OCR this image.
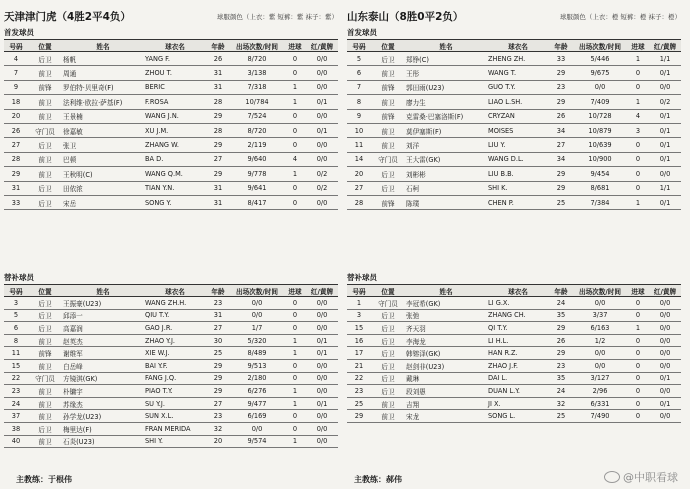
天津津门虎（4胜2平4负）	球服颜色（上衣：紫 短裤：紫 袜子：紫）
首发球员
号码	位置	姓名	球衣名	年龄	出场次数/时间	进球	红/黄牌
4	后卫	杨帆	YANG F.	26	8/720	0	0/0
7	前卫	周通	ZHOU T.	31	3/138	0	0/0
9	前锋	罗伯特·贝里奇(F)	BERIC	31	7/318	1	0/0
18	前卫	法利维·欧拉·萨基(F)	F.ROSA	28	10/784	1	0/1
20	前卫	王景楠	WANG J.N.	29	7/524	0	0/0
26	守门员	徐嘉敏	XU J.M.	28	8/720	0	0/1
27	后卫	张卫	ZHANG W.	29	2/119	0	0/0
28	前卫	巴顿	BA D.	27	9/640	4	0/0
29	前卫	王秋明(C)	WANG Q.M.	29	9/778	1	0/2
31	后卫	田依浓	TIAN Y.N.	31	9/641	0	0/2
33	后卫	宋岳	SONG Y.	31	8/417	0	0/0
替补球员
号码	位置	姓名	球衣名	年龄	出场次数/时间	进球	红/黄牌
3	后卫	王振豪(U23)	WANG ZH.H.	23	0/0	0	0/0
5	后卫	邱添一	QIU T.Y.	31	0/0	0	0/0
6	后卫	高嘉润	GAO J.R.	27	1/7	0	0/0
8	前卫	赵英杰	ZHAO Y.J.	30	5/320	1	0/1
11	前锋	谢维军	XIE W.J.	25	8/489	1	0/1
15	前卫	白岳峰	BAI Y.F.	29	9/513	0	0/0
22	守门员	方镜淇(GK)	FANG J.Q.	29	2/180	0	0/0
23	前卫	朴镛宇	PIAO T.Y.	29	6/276	1	0/0
24	前卫	苏缘杰	SU Y.J.	27	9/477	1	0/1
37	前卫	孙学龙(U23)	SUN X.L.	23	6/169	0	0/0
38	后卫	梅里达(F)	FRAN MERIDA	32	0/0	0	0/0
40	前卫	石炎(U23)	SHI Y.	20	9/574	1	0/0
山东泰山（8胜0平2负）	球服颜色（上衣：橙 短裤：橙 袜子：橙）
首发球员
号码	位置	姓名	球衣名	年龄	出场次数/时间	进球	红/黄牌
5	后卫	郑铮(C)	ZHENG ZH.	33	5/446	1	1/1
6	前卫	王彤	WANG T.	29	9/675	0	0/1
7	前锋	郭田雨(U23)	GUO T.Y.	23	0/0	0	0/0
8	前卫	廖力生	LIAO L.SH.	29	7/409	1	0/2
9	前锋	克雷桑·巴塞洛斯(F)	CRYZAN	26	10/728	4	0/1
10	前卫	莫伊塞斯(F)	MOISES	34	10/879	3	0/1
11	前卫	刘洋	LIU Y.	27	10/639	0	0/1
14	守门员	王大雷(GK)	WANG D.L.	34	10/900	0	0/1
20	后卫	刘彬彬	LIU B.B.	29	9/454	0	0/0
27	后卫	石柯	SHI K.	29	8/681	0	1/1
28	前锋	陈璞	CHEN P.	25	7/384	1	0/1
替补球员
号码	位置	姓名	球衣名	年龄	出场次数/时间	进球	红/黄牌
1	守门员	李冠希(GK)	LI G.X.	24	0/0	0	0/0
3	后卫	张弛	ZHANG CH.	35	3/37	0	0/0
15	后卫	齐天羽	QI T.Y.	29	6/163	1	0/0
16	后卫	李海龙	LI H.L.	26	1/2	0	0/0
17	后卫	韩镕泽(GK)	HAN R.Z.	29	0/0	0	0/0
21	后卫	赵剑非(U23)	ZHAO J.F.	23	0/0	0	0/0
22	后卫	戴琳	DAI L.	35	3/127	0	0/1
23	后卫	段刘愚	DUAN L.Y.	24	2/96	0	0/0
25	前卫	吉翔	JI X.	32	6/331	0	0/1
29	前卫	宋龙	SONG L.	25	7/490	0	0/0
主教练：于根伟	主教练：郝伟	@中职看球
